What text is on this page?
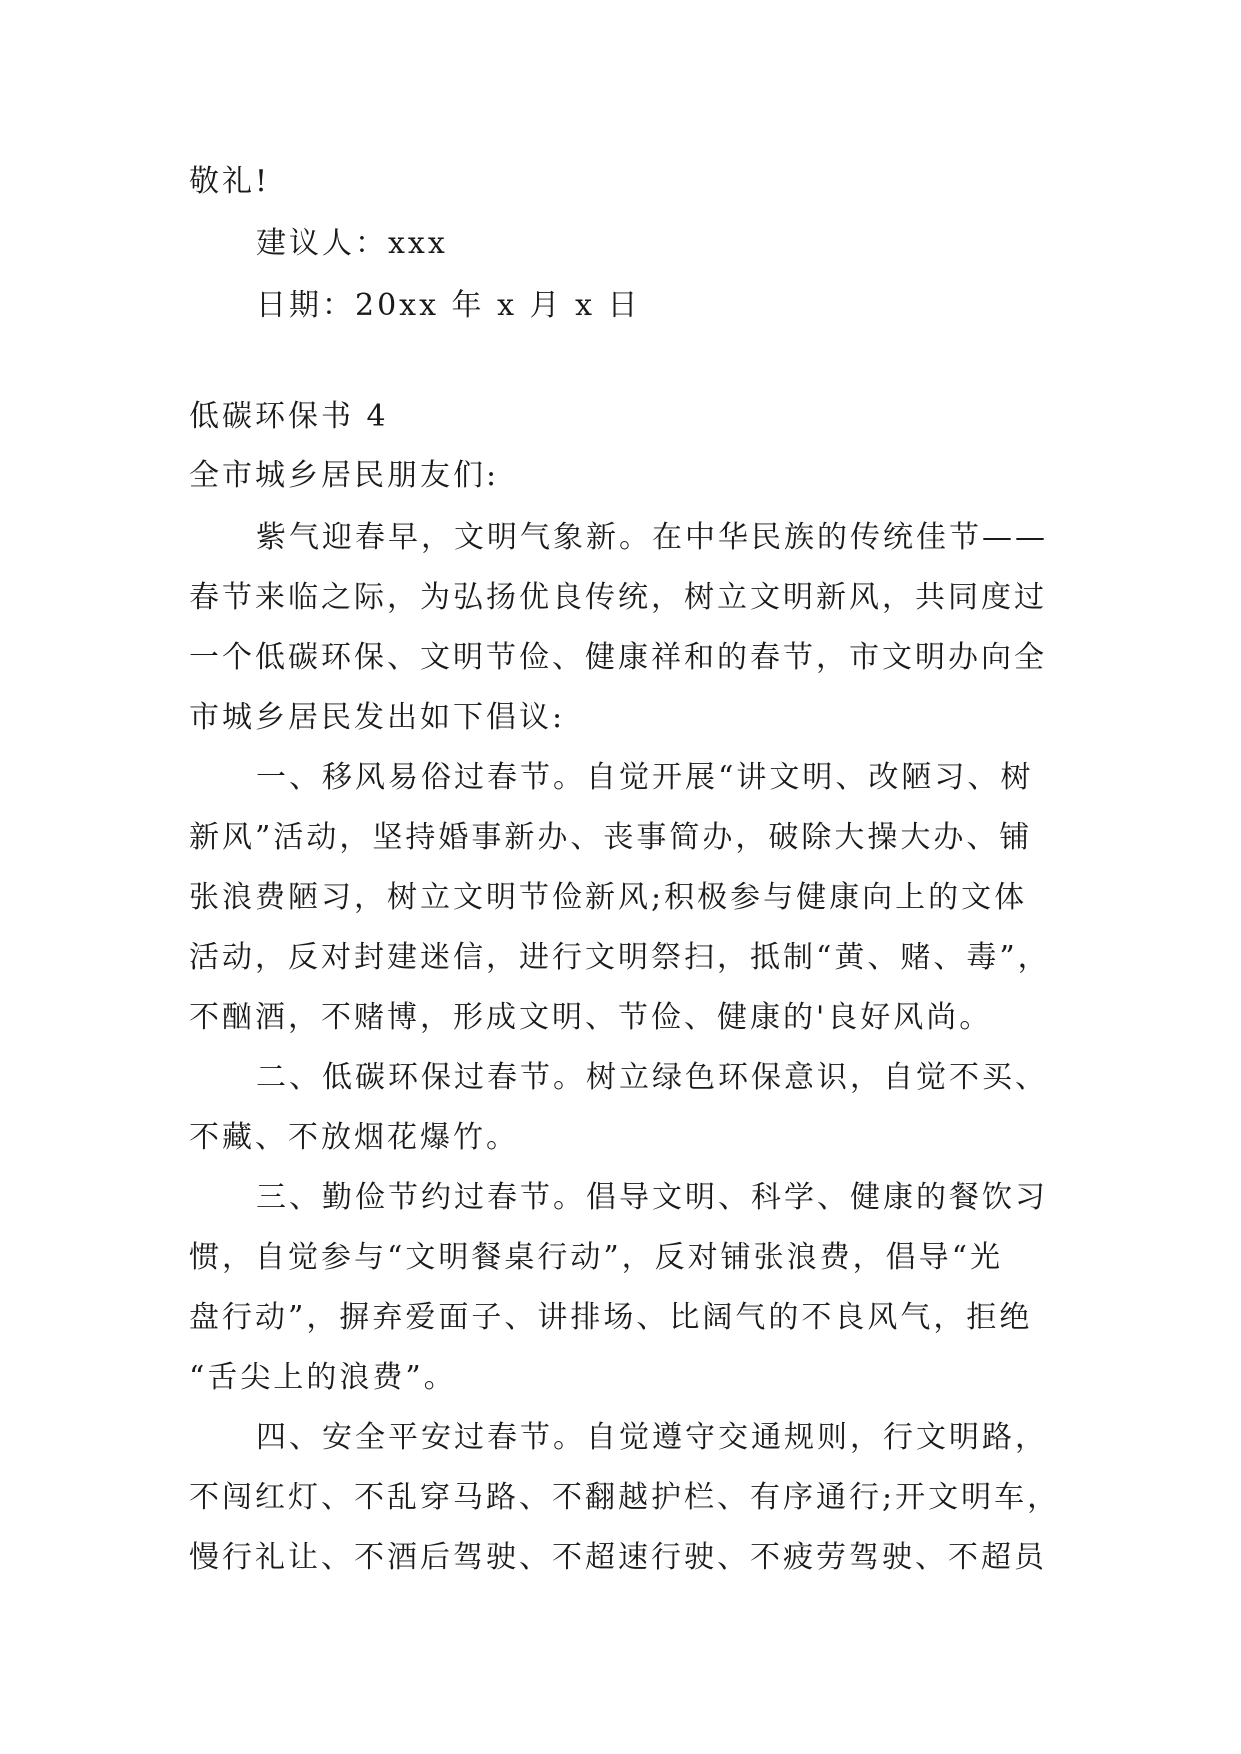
敬礼!
建议人：xxx
日期：20xx 年 x 月 x 日
低碳环保书 4
全市城乡居民朋友们:
紫气迎春早，文明气象新。在中华民族的传统佳节——
春节来临之际，为弘扬优良传统，树立文明新风，共同度过
一个低碳环保、文明节俭、健康祥和的春节，市文明办向全
市城乡居民发出如下倡议:
一、移风易俗过春节。自觉开展“讲文明、改陋习、树
新风”活动，坚持婚事新办、丧事简办，破除大操大办、铺
张浪费陋习，树立文明节俭新风;积极参与健康向上的文体
活动，反对封建迷信，进行文明祭扫，抵制“黄、赌、毒”，
不酗酒，不赌博，形成文明、节俭、健康的'良好风尚。
二、低碳环保过春节。树立绿色环保意识，自觉不买、
不藏、不放烟花爆竹。
三、勤俭节约过春节。倡导文明、科学、健康的餐饮习
惯，自觉参与“文明餐桌行动”，反对铺张浪费，倡导“光
盘行动”，摒弃爱面子、讲排场、比阔气的不良风气，拒绝
“舌尖上的浪费”。
四、安全平安过春节。自觉遵守交通规则，行文明路，
不闯红灯、不乱穿马路、不翻越护栏、有序通行;开文明车，
慢行礼让、不酒后驾驶、不超速行驶、不疲劳驾驶、不超员
